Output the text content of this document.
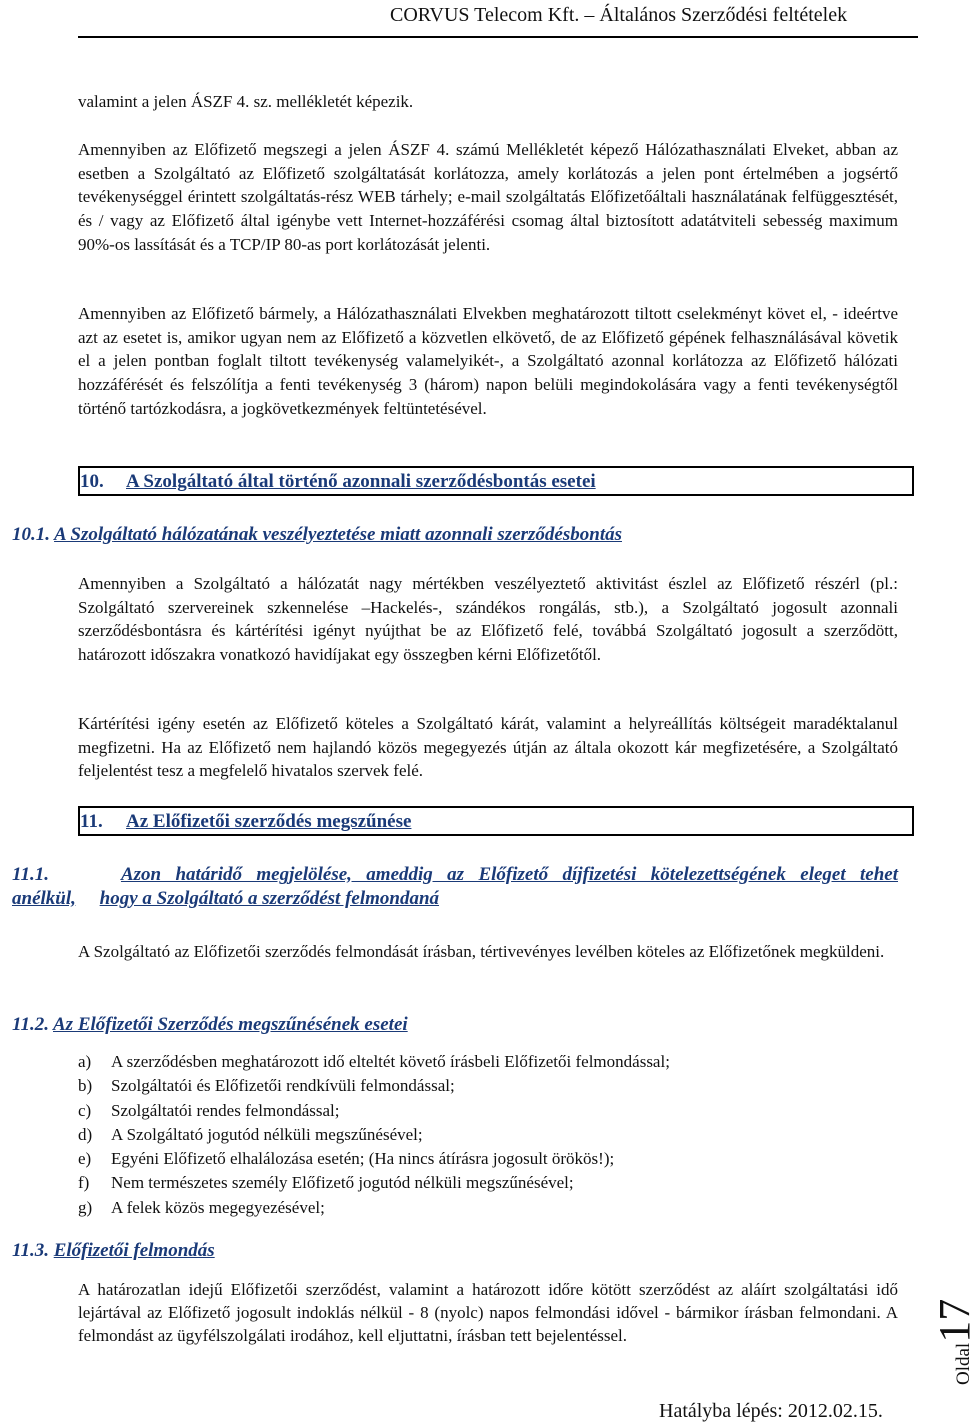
CORVUS Telecom Kft. – Általános Szerződési feltételek

valamint a jelen ÁSZF 4. sz. mellékletét képezik.

Amennyiben az Előfizető megszegi a jelen ÁSZF 4. számú Mellékletét képező Hálózathasználati Elveket, abban az esetben a Szolgáltató az Előfizető szolgáltatását korlátozza, amely korlátozás a jelen pont értelmében a jogsértő tevékenységgel érintett szolgáltatás-rész WEB tárhely; e-mail szolgáltatás Előfizetőáltali használatának felfüggesztését, és / vagy az Előfizető által igénybe vett Internet-hozzáférési csomag által biztosított adatátviteli sebesség maximum 90%-os lassítását és a TCP/IP 80-as port korlátozását jelenti.

Amennyiben az Előfizető bármely, a Hálózathasználati Elvekben meghatározott tiltott cselekményt követ el, - ideértve azt az esetet is, amikor ugyan nem az Előfizető a közvetlen elkövető, de az Előfizető gépének felhasználásával követik el a jelen pontban foglalt tiltott tevékenység valamelyikét-, a Szolgáltató azonnal korlátozza az Előfizető hálózati hozzáférését és felszólítja a fenti tevékenység 3 (három) napon belüli megindokolására vagy a fenti tevékenységtől történő tartózkodásra, a jogkövetkezmények feltüntetésével.

10. A Szolgáltató által történő azonnali szerződésbontás esetei

10.1. A Szolgáltató hálózatának veszélyeztetése miatt azonnali szerződésbontás

Amennyiben a Szolgáltató a hálózatát nagy mértékben veszélyeztető aktivitást észlel az Előfizető részérl (pl.: Szolgáltató szervereinek szkennelése –Hackelés-, szándékos rongálás, stb.), a Szolgáltató jogosult azonnali szerződésbontásra és kártérítési igényt nyújthat be az Előfizető felé, továbbá Szolgáltató jogosult a szerződött, határozott időszakra vonatkozó havidíjakat egy összegben kérni Előfizetőtől.

Kártérítési igény esetén az Előfizető köteles a Szolgáltató kárát, valamint a helyreállítás költségeit maradéktalanul megfizetni. Ha az Előfizető nem hajlandó közös megegyezés útján az általa okozott kár megfizetésére, a Szolgáltató feljelentést tesz a megfelelő hivatalos szervek felé.

11. Az Előfizetői szerződés megszűnése
11.1.	Azon határidő megjelölése, ameddig az Előfizető díjfizetési kötelezettségének eleget tehet
anélkül, hogy a Szolgáltató a szerződést felmondaná

A Szolgáltató az Előfizetői szerződés felmondását írásban, tértivevényes levélben köteles az Előfizetőnek megküldeni.

11.2. Az Előfizetői Szerződés megszűnésének esetei

a) A szerződésben meghatározott idő elteltét követő írásbeli Előfizetői felmondással;
b) Szolgáltatói és Előfizetői rendkívüli felmondással;
c) Szolgáltatói rendes felmondással;
d) A Szolgáltató jogutód nélküli megszűnésével;
e) Egyéni Előfizető elhalálozása esetén; (Ha nincs átírásra jogosult örökös!);
f) Nem természetes személy Előfizető jogutód nélküli megszűnésével;
g) A felek közös megegyezésével;

11.3. Előfizetői felmondás

A határozatlan idejű Előfizetői szerződést, valamint a határozott időre kötött szerződést az aláírt szolgáltatási idő lejártával az Előfizető jogosult indoklás nélkül - 8 (nyolc) napos felmondási idővel - bármikor írásban felmondani. A felmondást az ügyfélszolgálati irodához, kell eljuttatni, írásban tett bejelentéssel.

Oldal17
Hatályba lépés: 2012.02.15.
